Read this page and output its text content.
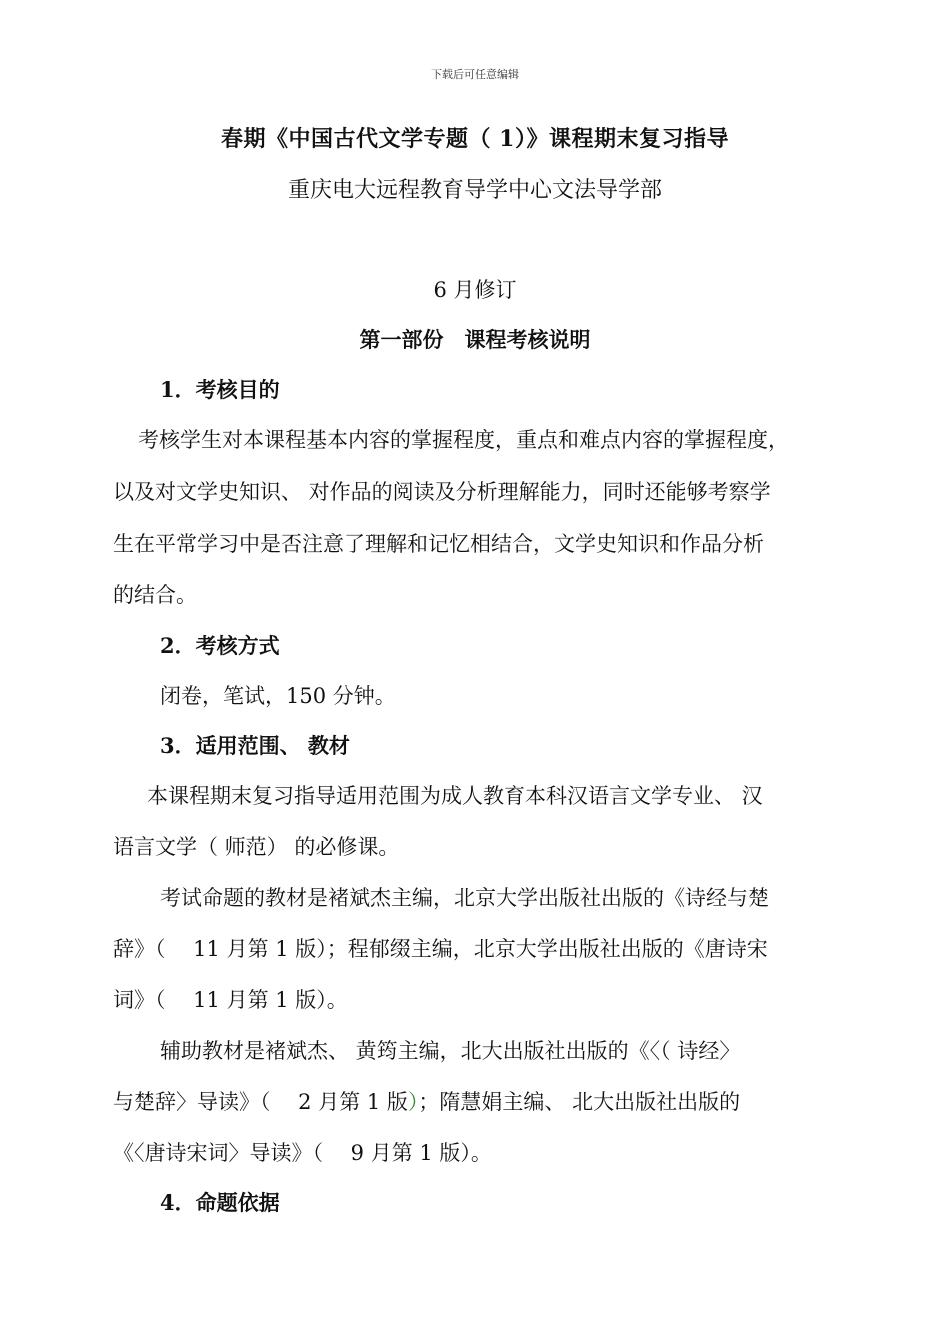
下载后可任意编辑
春期《中国古代文学专题（ 1）》课程期末复习指导
重庆电大远程教育导学中心文法导学部
6 月修订
第一部份　课程考核说明
1．考核目的
考核学生对本课程基本内容的掌握程度，重点和难点内容的掌握程度，
以及对文学史知识、 对作品的阅读及分析理解能力，同时还能够考察学
生在平常学习中是否注意了理解和记忆相结合，文学史知识和作品分析
的结合。
2．考核方式
闭卷，笔试，150 分钟。
3．适用范围、 教材
本课程期末复习指导适用范围为成人教育本科汉语言文学专业、 汉
语言文学（ 师范） 的必修课。
考试命题的教材是褚斌杰主编，北京大学出版社出版的《诗经与楚
辞》（　 11 月第 1 版）；程郁缀主编，北京大学出版社出版的《唐诗宋
词》（　 11 月第 1 版）。
辅助教材是褚斌杰、 黄筠主编，北大出版社出版的《〈（ 诗经〉
与楚辞〉导读》（　 2 月第 1 版）；隋慧娟主编、 北大出版社出版的
《〈唐诗宋词〉导读》（　 9 月第 1 版）。
4．命题依据
